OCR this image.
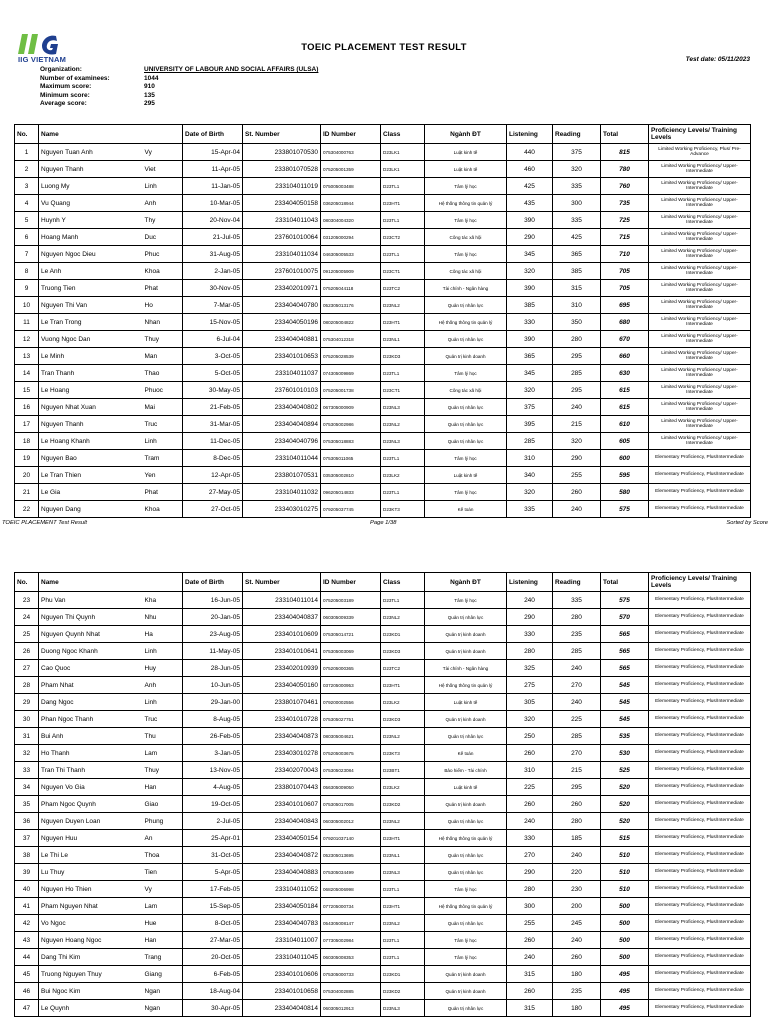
IIG VIETNAM
TOEIC PLACEMENT TEST RESULT
Test date: 05/11/2023
Organization:	UNIVERSITY OF LABOUR AND SOCIAL AFFAIRS (ULSA)
Number of examinees:	1044
Maximum score:	910
Minimum score:	135
Average score:	295
No.	Name		Date of Birth	St. Number	ID Number	Class	Ngành ĐT	Listening	Reading	Total	Proficiency Levels/ Training Levels
1	Nguyen Tuan Anh	Vy	15-Apr-04	233801070530	075304000763	D23LK1	Luật kinh tế	440	375	815	Limited Working Proficiency, Plus/ Pre-Advance
2	Nguyen Thanh	Viet	11-Apr-05	233801070528	075205001359	D23LK1	Luật kinh tế	460	320	780	Limited Working Proficiency/ Upper-Intermediate
3	Luong My	Linh	11-Jan-05	233104011019	075005003488	D23TL1	Tâm lý học	425	335	760	Limited Working Proficiency/ Upper-Intermediate
4	Vu Quang	Anh	10-Mar-05	233404050158	036205018944	D23HT1	Hệ thống thông tin quản lý	435	300	735	Limited Working Proficiency/ Upper-Intermediate
5	Huynh Y	Thy	20-Nov-04	233104011043	080304004320	D23TL1	Tâm lý học	390	335	725	Limited Working Proficiency/ Upper-Intermediate
6	Hoang Manh	Duc	21-Jul-05	237601010064	031205000294	D23CT2	Công tác xã hội	290	425	715	Limited Working Proficiency/ Upper-Intermediate
7	Nguyen Ngoc Dieu	Phuc	31-Aug-05	233104011034	046305005533	D23TL1	Tâm lý học	345	365	710	Limited Working Proficiency/ Upper-Intermediate
8	Le Anh	Khoa	2-Jan-05	237601010075	091205005909	D23CT1	Công tác xã hội	320	385	705	Limited Working Proficiency/ Upper-Intermediate
9	Truong Tien	Phat	30-Nov-05	233402010971	075205044118	D23TC2	Tài chính - Ngân hàng	390	315	705	Limited Working Proficiency/ Upper-Intermediate
10	Nguyen Thi Van	Ho	7-Mar-05	233404040780	052305013176	D23NL2	Quản trị nhân lực	385	310	695	Limited Working Proficiency/ Upper-Intermediate
11	Le Tran Trong	Nhan	15-Nov-05	233404050196	080205004822	D23HT1	Hệ thống thông tin quản lý	330	350	680	Limited Working Proficiency/ Upper-Intermediate
12	Vuong Ngoc Dan	Thuy	6-Jul-04	233404040881	075304012318	D23NL1	Quản trị nhân lực	390	280	670	Limited Working Proficiency/ Upper-Intermediate
13	Le Minh	Man	3-Oct-05	233401010653	075205028539	D23KD3	Quản trị kinh doanh	365	295	660	Limited Working Proficiency/ Upper-Intermediate
14	Tran Thanh	Thao	5-Oct-05	233104011037	074305009869	D23TL1	Tâm lý học	345	285	630	Limited Working Proficiency/ Upper-Intermediate
15	Le Hoang	Phuoc	30-May-05	237601010103	075205001738	D23CT1	Công tác xã hội	320	295	615	Limited Working Proficiency/ Upper-Intermediate
16	Nguyen Nhat Xuan	Mai	21-Feb-05	233404040802	067305000909	D23NL3	Quản trị nhân lực	375	240	615	Limited Working Proficiency/ Upper-Intermediate
17	Nguyen Thanh	Truc	31-Mar-05	233404040894	075305002986	D23NL2	Quản trị nhân lực	395	215	610	Limited Working Proficiency/ Upper-Intermediate
18	Le Hoang Khanh	Linh	11-Dec-05	233404040796	075305018883	D23NL3	Quản trị nhân lực	285	320	605	Limited Working Proficiency/ Upper-Intermediate
19	Nguyen Bao	Tram	8-Dec-05	233104011044	075305011065	D23TL1	Tâm lý học	310	290	600	Elementary Proficiency, Plus/Intermediate
20	Le Tran Thien	Yen	12-Apr-05	233801070531	035305002810	D23LK2	Luật kinh tế	340	255	595	Elementary Proficiency, Plus/Intermediate
21	Le Gia	Phat	27-May-05	233104011032	096205014833	D23TL1	Tâm lý học	320	260	580	Elementary Proficiency, Plus/Intermediate
22	Nguyen Dang	Khoa	27-Oct-05	233403010275	079205037745	D23KT3	Kế toán	335	240	575	Elementary Proficiency, Plus/Intermediate
TOEIC PLACEMENT Test Result	Page 1/38	Sorted by Score
No.	Name		Date of Birth	St. Number	ID Number	Class	Ngành ĐT	Listening	Reading	Total	Proficiency Levels/ Training Levels
23	Phu Van	Kha	16-Jun-05	233104011014	075205003189	D23TL1	Tâm lý học	240	335	575	Elementary Proficiency, Plus/Intermediate
24	Nguyen Thi Quynh	Nhu	20-Jan-05	233404040837	060305009339	D23NL2	Quản trị nhân lực	290	280	570	Elementary Proficiency, Plus/Intermediate
25	Nguyen Quynh Nhat	Ha	23-Aug-05	233401010609	075305014721	D23KD1	Quản trị kinh doanh	330	235	565	Elementary Proficiency, Plus/Intermediate
26	Duong Ngoc Khanh	Linh	11-May-05	233401010641	075305003069	D23KD3	Quản trị kinh doanh	280	285	565	Elementary Proficiency, Plus/Intermediate
27	Cao Quoc	Huy	28-Jun-05	233402010939	075205000365	D23TC2	Tài chính - Ngân hàng	325	240	565	Elementary Proficiency, Plus/Intermediate
28	Pham Nhat	Anh	10-Jun-05	233404050160	037205000953	D23HT1	Hệ thống thông tin quản lý	275	270	545	Elementary Proficiency, Plus/Intermediate
29	Dang Ngoc	Linh	29-Jan-00	233801070461	079200002556	D23LK2	Luật kinh tế	305	240	545	Elementary Proficiency, Plus/Intermediate
30	Phan Ngoc Thanh	Truc	8-Aug-05	233401010728	075305027751	D23KD3	Quản trị kinh doanh	320	225	545	Elementary Proficiency, Plus/Intermediate
31	Bui Anh	Thu	26-Feb-05	233404040873	080305004621	D23NL2	Quản trị nhân lực	250	285	535	Elementary Proficiency, Plus/Intermediate
32	Ho Thanh	Lam	3-Jan-05	233403010278	075205003675	D23KT3	Kế toán	260	270	530	Elementary Proficiency, Plus/Intermediate
33	Tran Thi Thanh	Thuy	13-Nov-05	233402070043	075305023084	D23BT1	Bảo hiểm - Tài chính	310	215	525	Elementary Proficiency, Plus/Intermediate
34	Nguyen Vo Gia	Han	4-Aug-05	233801070443	056305009050	D23LK2	Luật kinh tế	225	295	520	Elementary Proficiency, Plus/Intermediate
35	Pham Ngoc Quynh	Giao	19-Oct-05	233401010607	075305017005	D23KD2	Quản trị kinh doanh	260	260	520	Elementary Proficiency, Plus/Intermediate
36	Nguyen Duyen Loan	Phung	2-Jul-05	233404040843	060305002012	D23NL2	Quản trị nhân lực	240	280	520	Elementary Proficiency, Plus/Intermediate
37	Nguyen Huu	An	25-Apr-01	233404050154	079201037140	D23HT1	Hệ thống thông tin quản lý	330	185	515	Elementary Proficiency, Plus/Intermediate
38	Le Thi Le	Thoa	31-Oct-05	233404040872	052305013695	D23NL1	Quản trị nhân lực	270	240	510	Elementary Proficiency, Plus/Intermediate
39	Lu Thuy	Tien	5-Apr-05	233404040883	075305034499	D23NL3	Quản trị nhân lực	290	220	510	Elementary Proficiency, Plus/Intermediate
40	Nguyen Ho Thien	Vy	17-Feb-05	233104011052	068205006998	D23TL1	Tâm lý học	280	230	510	Elementary Proficiency, Plus/Intermediate
41	Pham Nguyen Nhat	Lam	15-Sep-05	233404050184	077205000734	D23HT1	Hệ thống thông tin quản lý	300	200	500	Elementary Proficiency, Plus/Intermediate
42	Vo Ngoc	Hue	8-Oct-05	233404040783	054305008147	D23NL2	Quản trị nhân lực	255	245	500	Elementary Proficiency, Plus/Intermediate
43	Nguyen Hoang Ngoc	Han	27-Mar-05	233104011007	077305002984	D23TL1	Tâm lý học	260	240	500	Elementary Proficiency, Plus/Intermediate
44	Dang Thi Kim	Trang	20-Oct-05	233104011045	060305008353	D23TL1	Tâm lý học	240	260	500	Elementary Proficiency, Plus/Intermediate
45	Truong Nguyen Thuy	Giang	6-Feb-05	233401010606	075305000733	D23KD1	Quản trị kinh doanh	315	180	495	Elementary Proficiency, Plus/Intermediate
46	Bui Ngoc Kim	Ngan	18-Aug-04	233401010658	075304002885	D23KD2	Quản trị kinh doanh	260	235	495	Elementary Proficiency, Plus/Intermediate
47	Le Quynh	Ngan	30-Apr-05	233404040814	060305012913	D23NL3	Quản trị nhân lực	315	180	495	Elementary Proficiency, Plus/Intermediate
